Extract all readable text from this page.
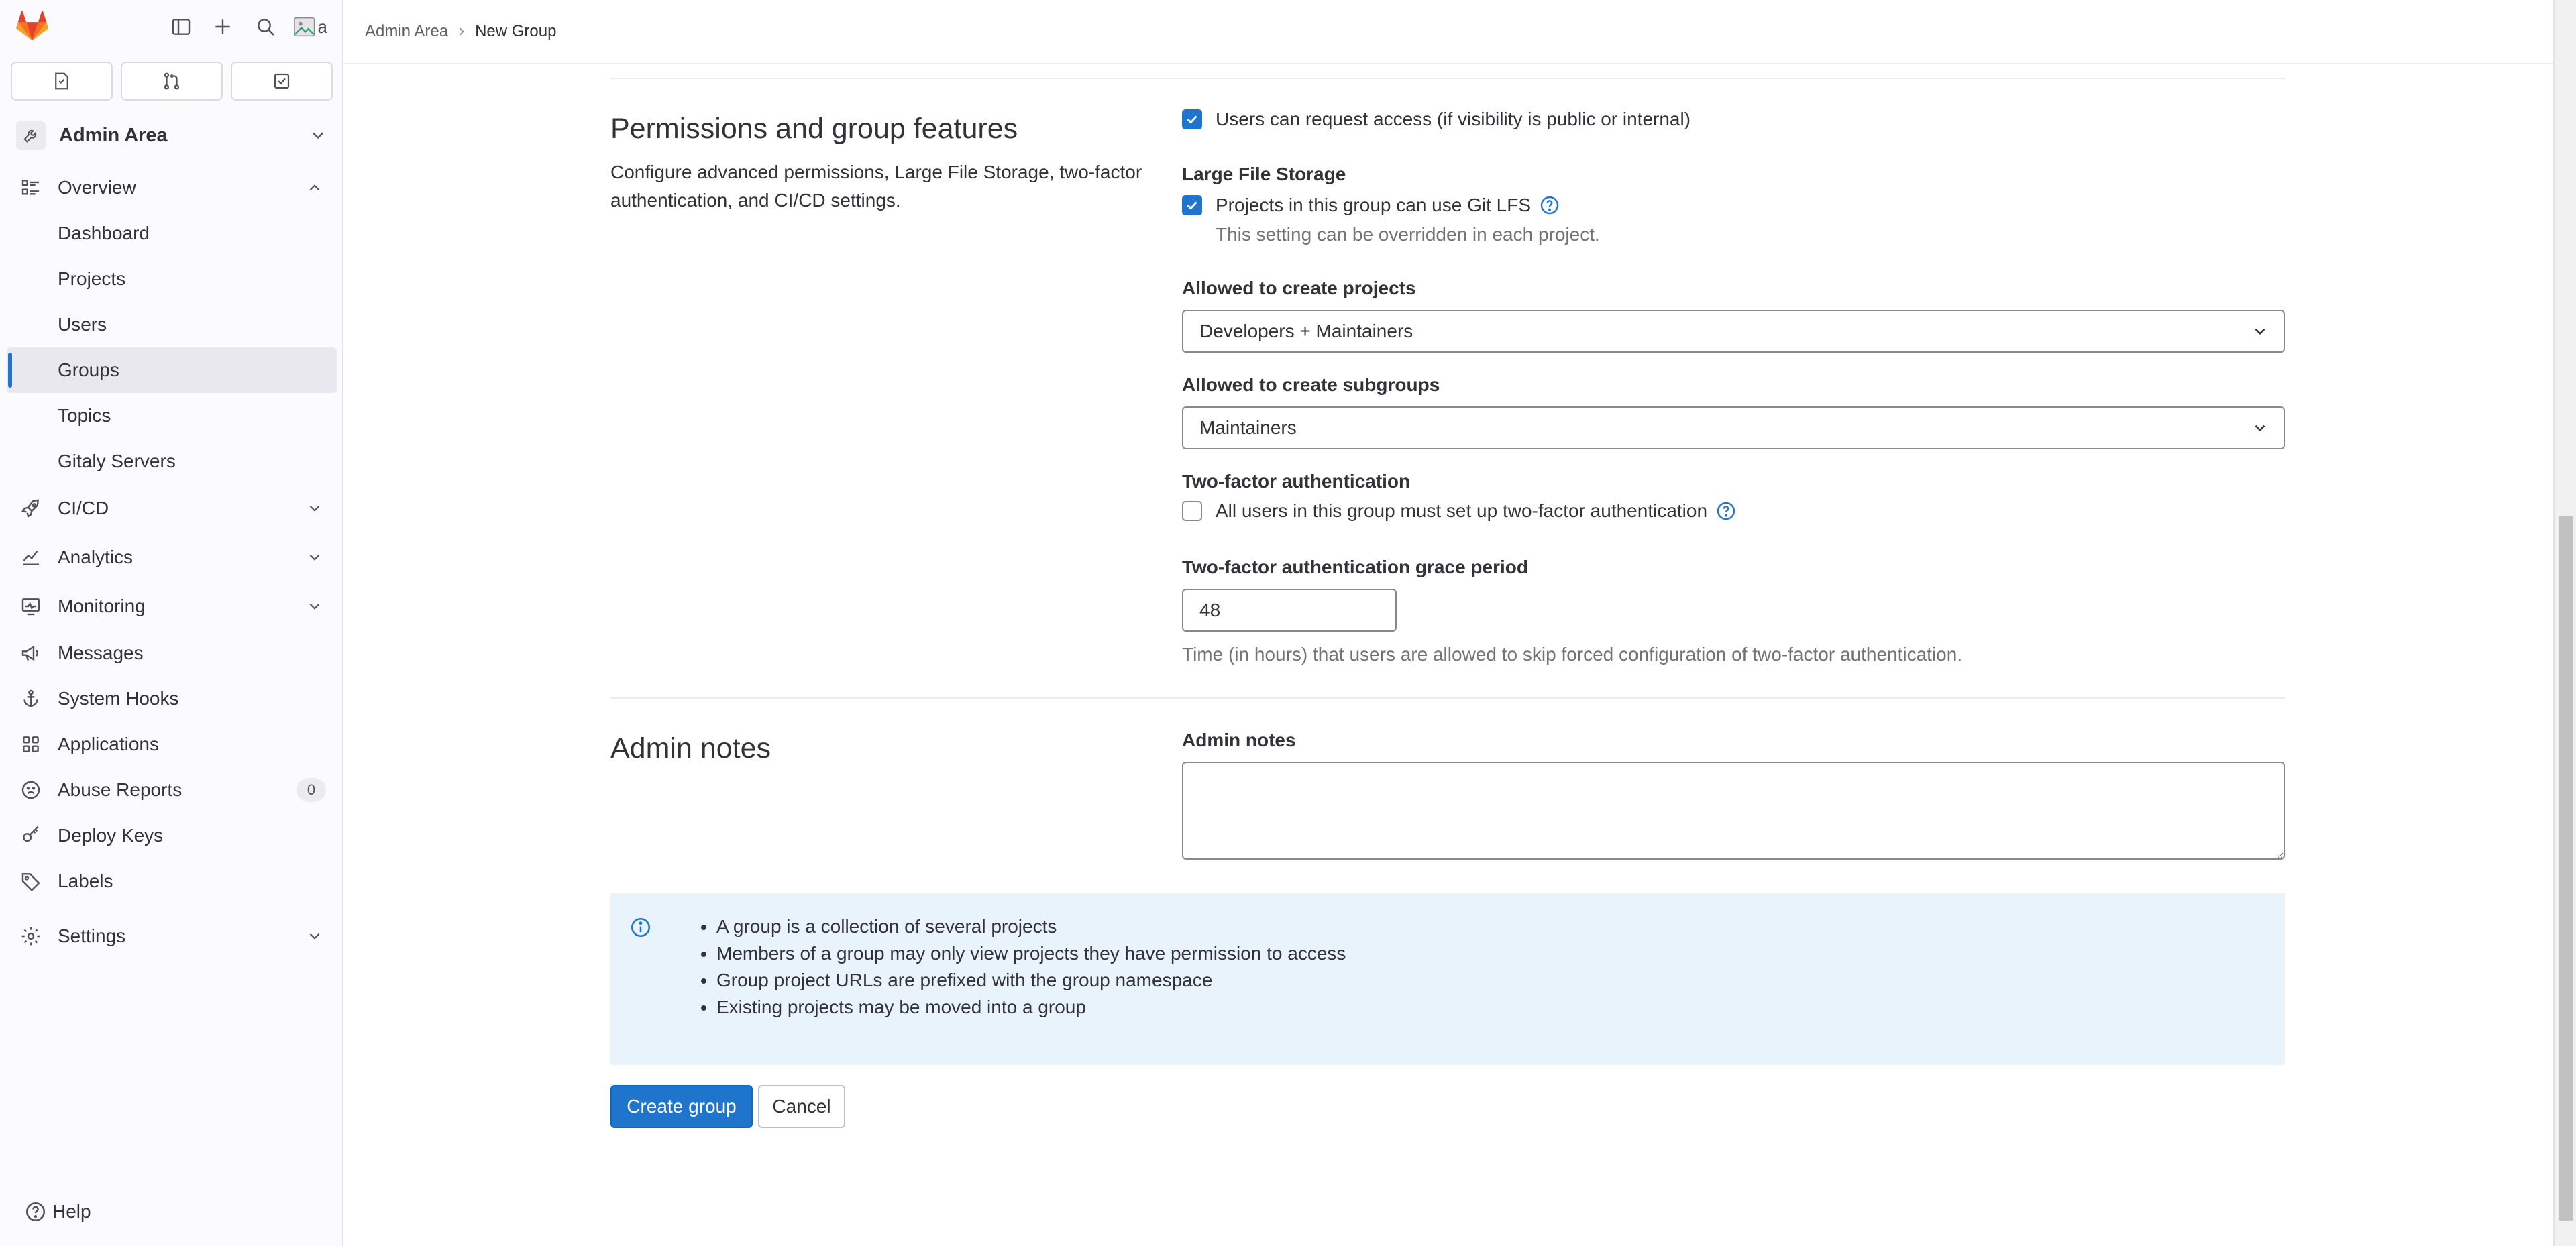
a
Admin Area
Overview
Dashboard
Projects
Users
Groups
Topics
Gitaly Servers
CI/CD
Analytics
Monitoring
Messages
System Hooks
Applications
Abuse Reports	0
Deploy Keys
Labels
Settings
Help
Admin Area New Group
Permissions and group features

Configure advanced permissions, Large File Storage, two-factor authentication, and CI/CD settings.

Users can request access (if visibility is public or internal)
Large File Storage
Projects in this group can use Git LFS
This setting can be overridden in each project.
Allowed to create projects
Developers + Maintainers
Allowed to create subgroups
Maintainers
Two-factor authentication
All users in this group must set up two-factor authentication
Two-factor authentication grace period
48
Time (in hours) that users are allowed to skip forced configuration of two-factor authentication.
Admin notes	Admin notes
• A group is a collection of several projects
• Members of a group may only view projects they have permission to access
• Group project URLs are prefixed with the group namespace
• Existing projects may be moved into a group
Create group	Cancel
